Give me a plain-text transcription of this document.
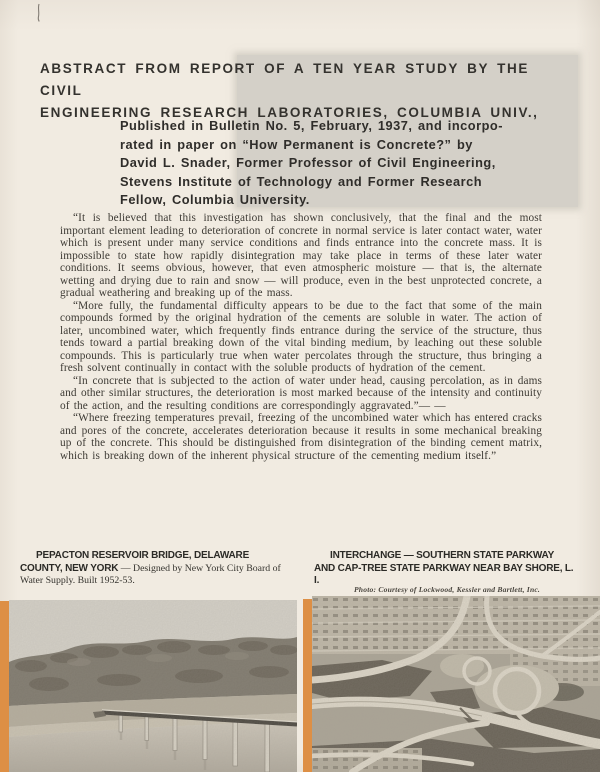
ABSTRACT FROM REPORT OF A TEN YEAR STUDY BY THE CIVIL
ENGINEERING RESEARCH LABORATORIES, COLUMBIA UNIV.,
Published in Bulletin No. 5, February, 1937, and incorpo-
rated in paper on “How Permanent is Concrete?” by
David L. Snader, Former Professor of Civil Engineering,
Stevens Institute of Technology and Former Research
Fellow, Columbia University.

“It is believed that this investigation has shown conclusively, that the final and the most important element leading to deterioration of concrete in normal service is later contact water, water which is present under many service conditions and finds entrance into the concrete mass. It is impossible to state how rapidly disintegration may take place in terms of these later water conditions. It seems obvious, however, that even atmospheric moisture — that is, the alternate wetting and drying due to rain and snow — will produce, even in the best unprotected concrete, a gradual weathering and breaking up of the mass.

“More fully, the fundamental difficulty appears to be due to the fact that some of the main compounds formed by the original hydration of the cements are soluble in water. The action of later, uncombined water, which frequently finds entrance during the service of the structure, thus tends toward a partial breaking down of the vital binding medium, by leaching out these soluble compounds. This is particularly true when water percolates through the structure, thus bringing a fresh solvent continually in contact with the soluble products of hydration of the cement.

“In concrete that is subjected to the action of water under head, causing percolation, as in dams and other similar structures, the deterioration is most marked because of the intensity and continuity of the action, and the resulting conditions are correspondingly aggravated.”— —

“Where freezing temperatures prevail, freezing of the uncombined water which has entered cracks and pores of the concrete, accelerates deterioration because it results in some mechanical breaking up of the concrete. This should be distinguished from disintegration of the binding cement matrix, which is breaking down of the inherent physical structure of the cementing medium itself.”

PEPACTON RESERVOIR BRIDGE, DELAWARE COUNTY, NEW YORK — Designed by New York City Board of Water Supply. Built 1952-53.
INTERCHANGE — SOUTHERN STATE PARKWAY AND CAP-TREE STATE PARKWAY NEAR BAY SHORE, L. I.
Photo: Courtesy of Lockwood, Kessler and Bartlett, Inc.
